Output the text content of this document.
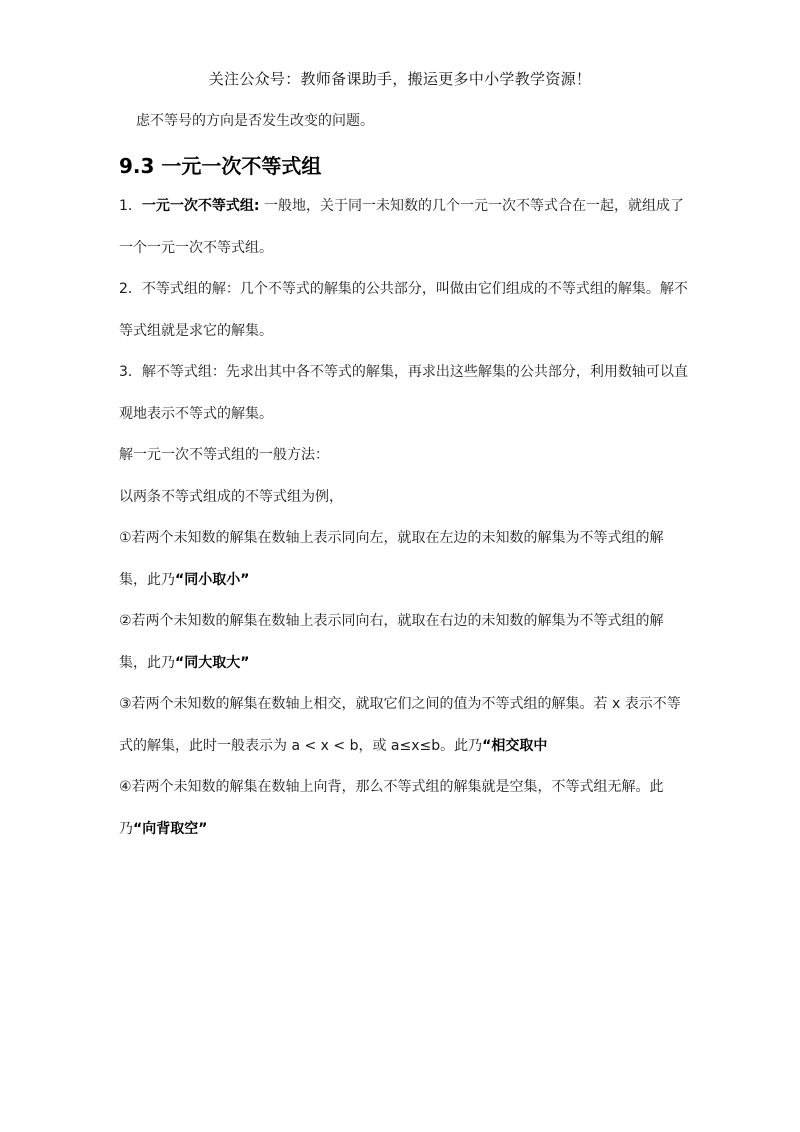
关注公众号：教师备课助手，搬运更多中小学教学资源！
虑不等号的方向是否发生改变的问题。
9.3 一元一次不等式组

1．一元一次不等式组: 一般地，关于同一未知数的几个一元一次不等式合在一起，就组成了一个一元一次不等式组。

2．不等式组的解：几个不等式的解集的公共部分，叫做由它们组成的不等式组的解集。解不等式组就是求它的解集。

3．解不等式组：先求出其中各不等式的解集，再求出这些解集的公共部分，利用数轴可以直观地表示不等式的解集。

解一元一次不等式组的一般方法：

以两条不等式组成的不等式组为例，

①若两个未知数的解集在数轴上表示同向左，就取在左边的未知数的解集为不等式组的解集，此乃“同小取小”

②若两个未知数的解集在数轴上表示同向右，就取在右边的未知数的解集为不等式组的解集，此乃“同大取大”

③若两个未知数的解集在数轴上相交，就取它们之间的值为不等式组的解集。若 x 表示不等式的解集，此时一般表示为 a < x < b，或 a≤x≤b。此乃“相交取中

④若两个未知数的解集在数轴上向背，那么不等式组的解集就是空集，不等式组无解。此乃“向背取空”
